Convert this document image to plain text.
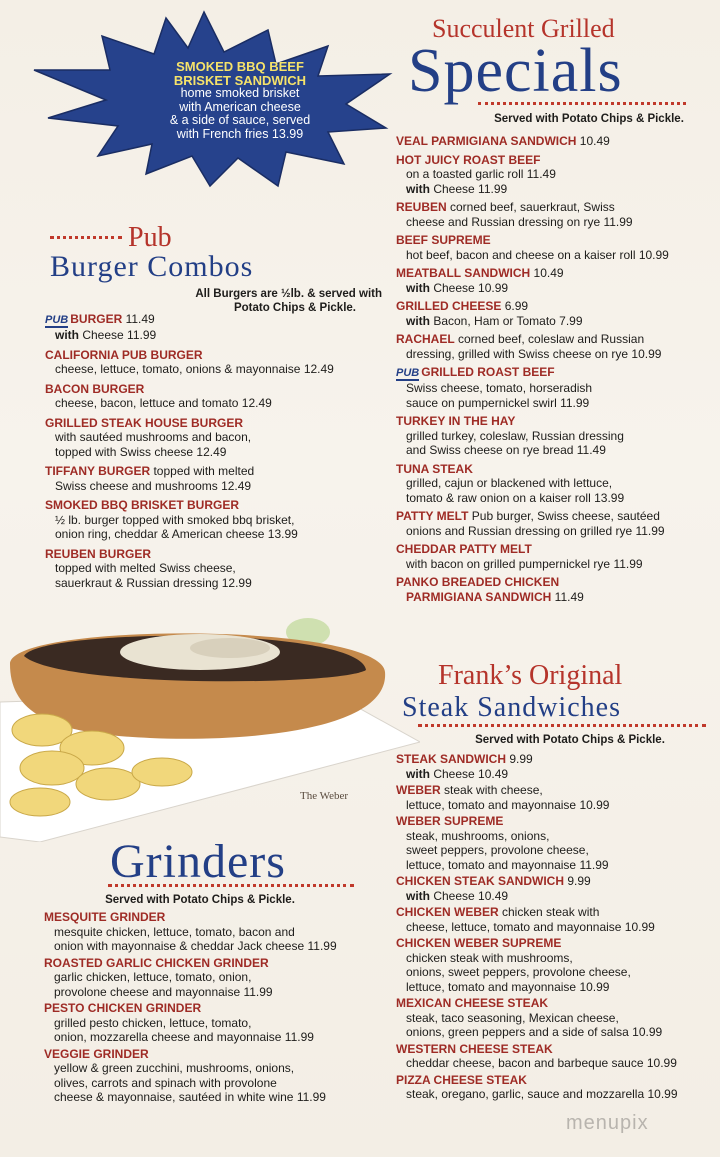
SMOKED BBQ BEEF
BRISKET SANDWICH
home smoked brisket
with American cheese
& a side of sauce, served
with French fries 13.99
Succulent Grilled
Specials
Served with Potato Chips & Pickle.
VEAL PARMIGIANA SANDWICH 10.49
HOT JUICY ROAST BEEF
on a toasted garlic roll 11.49
with Cheese 11.99
REUBEN corned beef, sauerkraut, Swiss
cheese and Russian dressing on rye 11.99
BEEF SUPREME
hot beef, bacon and cheese on a kaiser roll 10.99
MEATBALL SANDWICH 10.49
with Cheese 10.99
GRILLED CHEESE 6.99
with Bacon, Ham or Tomato 7.99
RACHAEL corned beef, coleslaw and Russian
dressing, grilled with Swiss cheese on rye 10.99
PUB GRILLED ROAST BEEF
Swiss cheese, tomato, horseradish
sauce on pumpernickel swirl 11.99
TURKEY IN THE HAY
grilled turkey, coleslaw, Russian dressing
and Swiss cheese on rye bread 11.49
TUNA STEAK
grilled, cajun or blackened with lettuce,
tomato & raw onion on a kaiser roll 13.99
PATTY MELT Pub burger, Swiss cheese, sautéed
onions and Russian dressing on grilled rye 11.99
CHEDDAR PATTY MELT
with bacon on grilled pumpernickel rye 11.99
PANKO BREADED CHICKEN
PARMIGIANA SANDWICH 11.49
Pub
Burger Combos
All Burgers are ½lb. & served with
Potato Chips & Pickle.
PUB BURGER 11.49
with Cheese 11.99
CALIFORNIA PUB BURGER
cheese, lettuce, tomato, onions & mayonnaise 12.49
BACON BURGER
cheese, bacon, lettuce and tomato 12.49
GRILLED STEAK HOUSE BURGER
with sautéed mushrooms and bacon,
topped with Swiss cheese 12.49
TIFFANY BURGER topped with melted
Swiss cheese and mushrooms 12.49
SMOKED BBQ BRISKET BURGER
½ lb. burger topped with smoked bbq brisket,
onion ring, cheddar & American cheese 13.99
REUBEN BURGER
topped with melted Swiss cheese,
sauerkraut & Russian dressing 12.99
The Weber
Grinders
Served with Potato Chips & Pickle.
MESQUITE GRINDER
mesquite chicken, lettuce, tomato, bacon and
onion with mayonnaise & cheddar Jack cheese 11.99
ROASTED GARLIC CHICKEN GRINDER
garlic chicken, lettuce, tomato, onion,
provolone cheese and mayonnaise 11.99
PESTO CHICKEN GRINDER
grilled pesto chicken, lettuce, tomato,
onion, mozzarella cheese and mayonnaise 11.99
VEGGIE GRINDER
yellow & green zucchini, mushrooms, onions,
olives, carrots and spinach with provolone
cheese & mayonnaise, sautéed in white wine 11.99
Frank’s Original
Steak Sandwiches
Served with Potato Chips & Pickle.
STEAK SANDWICH 9.99
with Cheese 10.49
WEBER steak with cheese,
lettuce, tomato and mayonnaise 10.99
WEBER SUPREME
steak, mushrooms, onions,
sweet peppers, provolone cheese,
lettuce, tomato and mayonnaise 11.99
CHICKEN STEAK SANDWICH 9.99
with Cheese 10.49
CHICKEN WEBER chicken steak with
cheese, lettuce, tomato and mayonnaise 10.99
CHICKEN WEBER SUPREME
chicken steak with mushrooms,
onions, sweet peppers, provolone cheese,
lettuce, tomato and mayonnaise 10.99
MEXICAN CHEESE STEAK
steak, taco seasoning, Mexican cheese,
onions, green peppers and a side of salsa 10.99
WESTERN CHEESE STEAK
cheddar cheese, bacon and barbeque sauce 10.99
PIZZA CHEESE STEAK
steak, oregano, garlic, sauce and mozzarella 10.99
menupix
